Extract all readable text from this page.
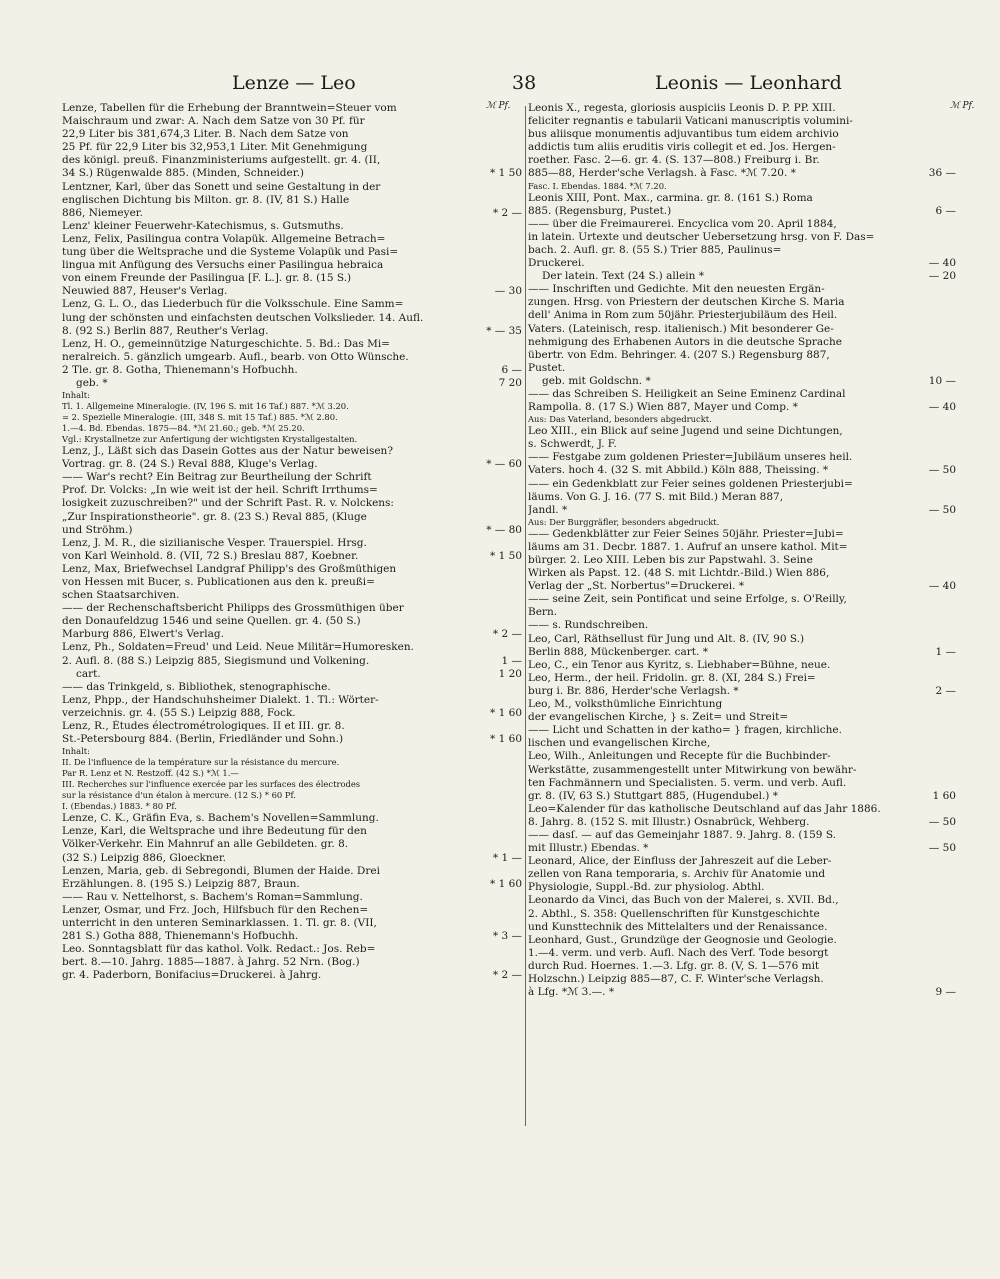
Lenze — Leo	38	Leonis — Leonhard
ℳ Pf.	ℳ Pf.
Lenze, Tabellen für die Erhebung der Branntwein=Steuer vom
Maischraum und zwar: A. Nach dem Satze von 30 Pf. für
22,9 Liter bis 381,674,3 Liter. B. Nach dem Satze von
25 Pf. für 22,9 Liter bis 32,953,1 Liter. Mit Genehmigung
des königl. preuß. Finanzministeriums aufgestellt. gr. 4. (II,
34 S.) Rügenwalde 885. (Minden, Schneider.)	* 1 50
Lentzner, Karl, über das Sonett und seine Gestaltung in der
englischen Dichtung bis Milton. gr. 8. (IV, 81 S.) Halle
886, Niemeyer.	* 2 —
Lenz' kleiner Feuerwehr-Katechismus, s. Gutsmuths.
Lenz, Felix, Pasilingua contra Volapük. Allgemeine Betrach=
tung über die Weltsprache und die Systeme Volapük und Pasi=
lingua mit Anfügung des Versuchs einer Pasilingua hebraica
von einem Freunde der Pasilingua [F. L.]. gr. 8. (15 S.)
Neuwied 887, Heuser's Verlag.	— 30
Lenz, G. L. O., das Liederbuch für die Volksschule. Eine Samm=
lung der schönsten und einfachsten deutschen Volkslieder. 14. Aufl.
8. (92 S.) Berlin 887, Reuther's Verlag.	* — 35
Lenz, H. O., gemeinnützige Naturgeschichte. 5. Bd.: Das Mi=
neralreich. 5. gänzlich umgearb. Aufl., bearb. von Otto Wünsche.
2 Tle. gr. 8. Gotha, Thienemann's Hofbuchh.	6 —
geb. *	7 20
Inhalt:
Tl. 1. Allgemeine Mineralogie. (IV, 196 S. mit 16 Taf.) 887. *ℳ 3.20.
= 2. Spezielle Mineralogie. (III, 348 S. mit 15 Taf.) 885. *ℳ 2.80.
1.—4. Bd. Ebendas. 1875—84. *ℳ 21.60.; geb. *ℳ 25.20.
Vgl.: Krystallnetze zur Anfertigung der wichtigsten Krystallgestalten.
Lenz, J., Läßt sich das Dasein Gottes aus der Natur beweisen?
Vortrag. gr. 8. (24 S.) Reval 888, Kluge's Verlag.	* — 60
—— War's recht? Ein Beitrag zur Beurtheilung der Schrift
Prof. Dr. Volcks: „In wie weit ist der heil. Schrift Irrthums=
losigkeit zuzuschreiben?" und der Schrift Past. R. v. Nolckens:
„Zur Inspirationstheorie". gr. 8. (23 S.) Reval 885, (Kluge
und Ströhm.)	* — 80
Lenz, J. M. R., die sizilianische Vesper. Trauerspiel. Hrsg.
von Karl Weinhold. 8. (VII, 72 S.) Breslau 887, Koebner.	* 1 50
Lenz, Max, Briefwechsel Landgraf Philipp's des Großmüthigen
von Hessen mit Bucer, s. Publicationen aus den k. preußi=
schen Staatsarchiven.
—— der Rechenschaftsbericht Philipps des Grossmüthigen über
den Donaufeldzug 1546 und seine Quellen. gr. 4. (50 S.)
Marburg 886, Elwert's Verlag.	* 2 —
Lenz, Ph., Soldaten=Freud' und Leid. Neue Militär=Humoresken.
2. Aufl. 8. (88 S.) Leipzig 885, Siegismund und Volkening.	1 —
cart.	1 20
—— das Trinkgeld, s. Bibliothek, stenographische.
Lenz, Phpp., der Handschuhsheimer Dialekt. 1. Tl.: Wörter-
verzeichnis. gr. 4. (55 S.) Leipzig 888, Fock.	* 1 60
Lenz, R., Études électrométrologiques. II et III. gr. 8.
St.-Petersbourg 884. (Berlin, Friedländer und Sohn.)	* 1 60
Inhalt:
II. De l'influence de la température sur la résistance du mercure.
Par R. Lenz et N. Restzoff. (42 S.) *ℳ 1.—
III. Recherches sur l'influence exercée par les surfaces des électrodes
sur la résistance d'un étalon à mercure. (12 S.) * 60 Pf.
I. (Ebendas.) 1883. * 80 Pf.
Lenze, C. K., Gräfin Eva, s. Bachem's Novellen=Sammlung.
Lenze, Karl, die Weltsprache und ihre Bedeutung für den
Völker-Verkehr. Ein Mahnruf an alle Gebildeten. gr. 8.
(32 S.) Leipzig 886, Gloeckner.	* 1 —
Lenzen, Maria, geb. di Sebregondi, Blumen der Haide. Drei
Erzählungen. 8. (195 S.) Leipzig 887, Braun.	* 1 60
—— Rau v. Nettelhorst, s. Bachem's Roman=Sammlung.
Lenzer, Osmar, und Frz. Joch, Hilfsbuch für den Rechen=
unterricht in den unteren Seminarklassen. 1. Tl. gr. 8. (VII,
281 S.) Gotha 888, Thienemann's Hofbuchh.	* 3 —
Leo. Sonntagsblatt für das kathol. Volk. Redact.: Jos. Reb=
bert. 8.—10. Jahrg. 1885—1887. à Jahrg. 52 Nrn. (Bog.)
gr. 4. Paderborn, Bonifacius=Druckerei. à Jahrg.	* 2 —
Leonis X., regesta, gloriosis auspiciis Leonis D. P. PP. XIII.
feliciter regnantis e tabularii Vaticani manuscriptis volumini-
bus aliisque monumentis adjuvantibus tum eidem archivio
addictis tum aliis eruditis viris collegit et ed. Jos. Hergen-
roether. Fasc. 2—6. gr. 4. (S. 137—808.) Freiburg i. Br.
885—88, Herder'sche Verlagsh. à Fasc. *ℳ 7.20. *	36 —
Fasc. I. Ebendas. 1884. *ℳ 7.20.
Leonis XIII, Pont. Max., carmina. gr. 8. (161 S.) Roma
885. (Regensburg, Pustet.)	6 —
—— über die Freimaurerei. Encyclica vom 20. April 1884,
in latein. Urtexte und deutscher Uebersetzung hrsg. von F. Das=
bach. 2. Aufl. gr. 8. (55 S.) Trier 885, Paulinus=
Druckerei.	— 40
Der latein. Text (24 S.) allein *	— 20
—— Inschriften und Gedichte. Mit den neuesten Ergän-
zungen. Hrsg. von Priestern der deutschen Kirche S. Maria
dell' Anima in Rom zum 50jähr. Priesterjubiläum des Heil.
Vaters. (Lateinisch, resp. italienisch.) Mit besonderer Ge-
nehmigung des Erhabenen Autors in die deutsche Sprache
übertr. von Edm. Behringer. 4. (207 S.) Regensburg 887,
Pustet.
geb. mit Goldschn. *	10 —
—— das Schreiben S. Heiligkeit an Seine Eminenz Cardinal
Rampolla. 8. (17 S.) Wien 887, Mayer und Comp. *	— 40
Aus: Das Vaterland, besonders abgedruckt.
Leo XIII., ein Blick auf seine Jugend und seine Dichtungen,
s. Schwerdt, J. F.
—— Festgabe zum goldenen Priester=Jubiläum unseres heil.
Vaters. hoch 4. (32 S. mit Abbild.) Köln 888, Theissing. *	— 50
—— ein Gedenkblatt zur Feier seines goldenen Priesterjubi=
läums. Von G. J. 16. (77 S. mit Bild.) Meran 887,
Jandl. *	— 50
Aus: Der Burggräfler, besonders abgedruckt.
—— Gedenkblätter zur Feier Seines 50jähr. Priester=Jubi=
läums am 31. Decbr. 1887. 1. Aufruf an unsere kathol. Mit=
bürger. 2. Leo XIII. Leben bis zur Papstwahl. 3. Seine
Wirken als Papst. 12. (48 S. mit Lichtdr.-Bild.) Wien 886,
Verlag der „St. Norbertus"=Druckerei. *	— 40
—— seine Zeit, sein Pontificat und seine Erfolge, s. O'Reilly,
Bern.
—— s. Rundschreiben.
Leo, Carl, Räthsellust für Jung und Alt. 8. (IV, 90 S.)
Berlin 888, Mückenberger. cart. *	1 —
Leo, C., ein Tenor aus Kyritz, s. Liebhaber=Bühne, neue.
Leo, Herm., der heil. Fridolin. gr. 8. (XI, 284 S.) Frei=
burg i. Br. 886, Herder'sche Verlagsh. *	2 —
Leo, M., volksthümliche Einrichtung
der evangelischen Kirche, } s. Zeit= und Streit=
—— Licht und Schatten in der katho= } fragen, kirchliche.
lischen und evangelischen Kirche,
Leo, Wilh., Anleitungen und Recepte für die Buchbinder-
Werkstätte, zusammengestellt unter Mitwirkung von bewähr-
ten Fachmännern und Specialisten. 5. verm. und verb. Aufl.
gr. 8. (IV, 63 S.) Stuttgart 885, (Hugendubel.) *	1 60
Leo=Kalender für das katholische Deutschland auf das Jahr 1886.
8. Jahrg. 8. (152 S. mit Illustr.) Osnabrück, Wehberg.	— 50
—— dasſ. — auf das Gemeinjahr 1887. 9. Jahrg. 8. (159 S.
mit Illustr.) Ebendas. *	— 50
Leonard, Alice, der Einfluss der Jahreszeit auf die Leber-
zellen von Rana temporaria, s. Archiv für Anatomie und
Physiologie, Suppl.-Bd. zur physiolog. Abthl.
Leonardo da Vinci, das Buch von der Malerei, s. XVII. Bd.,
2. Abthl., S. 358: Quellenschriften für Kunstgeschichte
und Kunsttechnik des Mittelalters und der Renaissance.
Leonhard, Gust., Grundzüge der Geognosie und Geologie.
1.—4. verm. und verb. Aufl. Nach des Verf. Tode besorgt
durch Rud. Hoernes. 1.—3. Lfg. gr. 8. (V, S. 1—576 mit
Holzschn.) Leipzig 885—87, C. F. Winter'sche Verlagsh.
à Lfg. *ℳ 3.—. *	9 —
